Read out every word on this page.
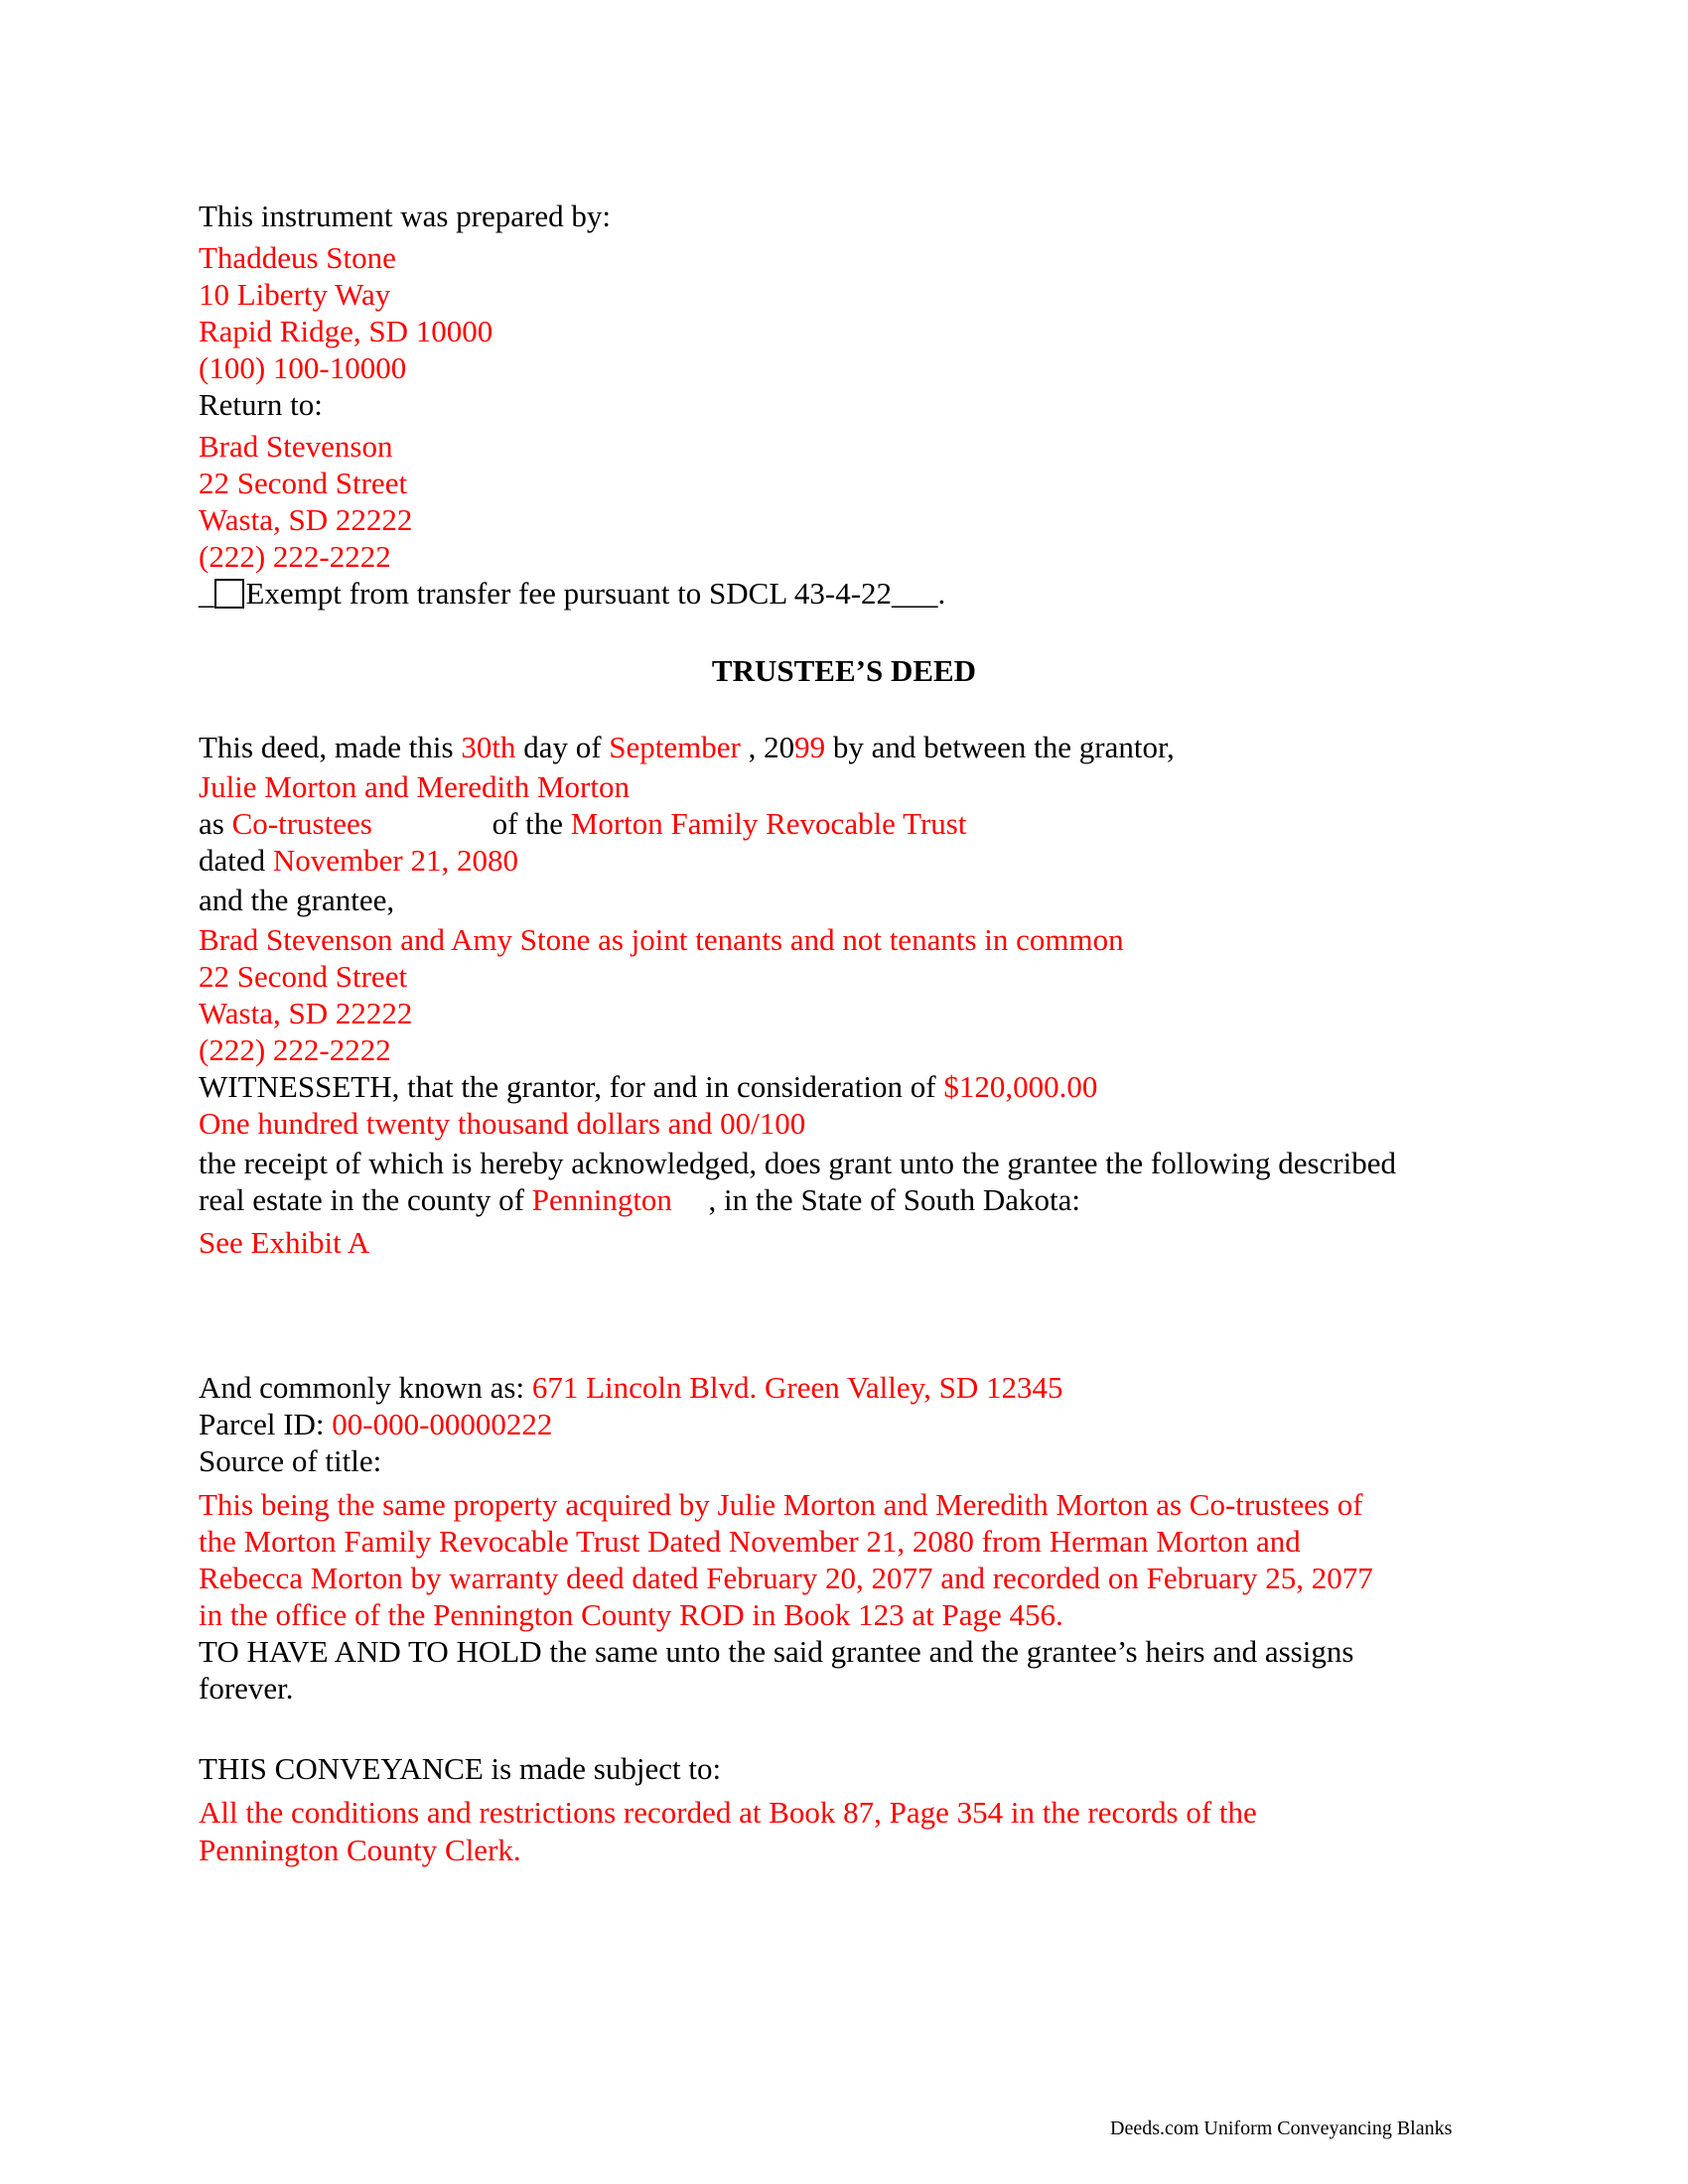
This instrument was prepared by:
Thaddeus Stone
10 Liberty Way
Rapid Ridge, SD 10000
(100) 100-10000
Return to:
Brad Stevenson
22 Second Street
Wasta, SD 22222
(222) 222-2222
_ Exempt from transfer fee pursuant to SDCL 43-4-22___.
TRUSTEE’S DEED
This deed, made this 30th day of September , 2099 by and between the grantor,
Julie Morton and Meredith Morton
as Co-trustees	of the Morton Family Revocable Trust
dated November 21, 2080
and the grantee,
Brad Stevenson and Amy Stone as joint tenants and not tenants in common
22 Second Street
Wasta, SD 22222
(222) 222-2222
WITNESSETH, that the grantor, for and in consideration of $120,000.00
One hundred twenty thousand dollars and 00/100
the receipt of which is hereby acknowledged, does grant unto the grantee the following described
real estate in the county of Pennington , in the State of South Dakota:
See Exhibit A
And commonly known as: 671 Lincoln Blvd. Green Valley, SD 12345
Parcel ID: 00-000-00000222
Source of title:
This being the same property acquired by Julie Morton and Meredith Morton as Co-trustees of
the Morton Family Revocable Trust Dated November 21, 2080 from Herman Morton and
Rebecca Morton by warranty deed dated February 20, 2077 and recorded on February 25, 2077
in the office of the Pennington County ROD in Book 123 at Page 456.
TO HAVE AND TO HOLD the same unto the said grantee and the grantee’s heirs and assigns
forever.
THIS CONVEYANCE is made subject to:
All the conditions and restrictions recorded at Book 87, Page 354 in the records of the
Pennington County Clerk.
Deeds.com Uniform Conveyancing Blanks
